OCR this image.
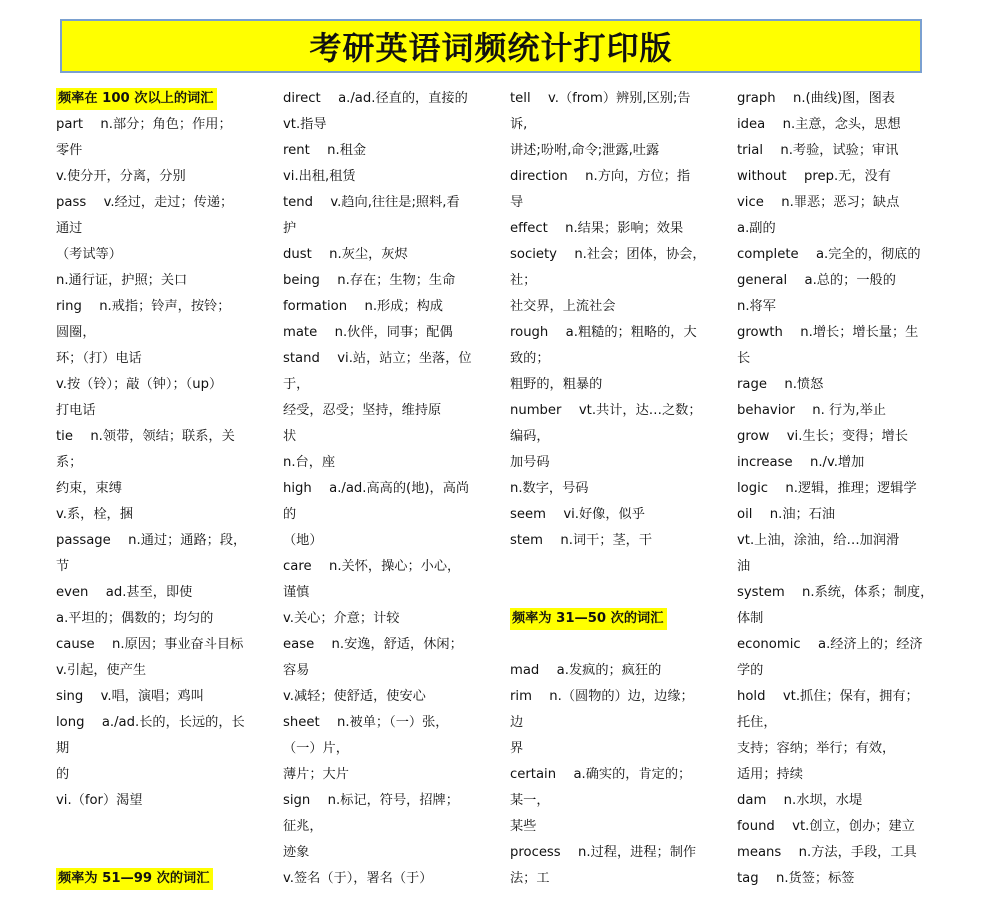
考研英语词频统计打印版
频率在 100 次以上的词汇
part　 n.部分；角色；作用；
零件
v.使分开，分离，分别
pass　 v.经过，走过；传递；
通过
（考试等）
n.通行证，护照；关口
ring　 n.戒指；铃声，按铃；
圆圈，
环；（打）电话
v.按（铃）；敲（钟）；（up）
打电话
tie　 n.领带，领结；联系，关
系；
约束，束缚
v.系，栓，捆
passage　 n.通过；通路；段，
节
even　 ad.甚至，即使
a.平坦的；偶数的；均匀的
cause　 n.原因；事业奋斗目标
v.引起，使产生
sing　 v.唱，演唱；鸡叫
long　 a./ad.长的，长远的，长
期
的
vi.（for）渴望
频率为 51—99 次的词汇
direct　 a./ad.径直的，直接的
vt.指导
rent　 n.租金
vi.出租,租赁
tend　 v.趋向,往往是;照料,看
护
dust　 n.灰尘，灰烬
being　 n.存在；生物；生命
formation　 n.形成；构成
mate　 n.伙伴，同事；配偶
stand　 vi.站，站立；坐落，位
于，
经受，忍受；坚持，维持原
状
n.台，座
high　 a./ad.高高的(地)，高尚
的
（地）
care　 n.关怀，操心；小心，
谨慎
v.关心；介意；计较
ease　 n.安逸，舒适，休闲；
容易
v.减轻；使舒适，使安心
sheet　 n.被单；（一）张，
（一）片，
薄片；大片
sign　 n.标记，符号，招牌；
征兆，
迹象
v.签名（于），署名（于）
tell　 v.（from）辨别,区别;告
诉,
讲述;吩咐,命令;泄露,吐露
direction　 n.方向，方位；指
导
effect　 n.结果；影响；效果
society　 n.社会；团体，协会，
社；
社交界，上流社会
rough　 a.粗糙的；粗略的，大
致的；
粗野的，粗暴的
number　 vt.共计，达…之数；
编码，
加号码
n.数字，号码
seem　 vi.好像，似乎
stem　 n.词干；茎，干
频率为 31—50 次的词汇
mad　 a.发疯的；疯狂的
rim　 n.（圆物的）边，边缘；
边
界
certain　 a.确实的，肯定的；
某一，
某些
process　 n.过程，进程；制作
法；工
graph　 n.(曲线)图，图表
idea　 n.主意，念头，思想
trial　 n.考验，试验；审讯
without　 prep.无，没有
vice　 n.罪恶；恶习；缺点
a.副的
complete　 a.完全的，彻底的
general　 a.总的；一般的
n.将军
growth　 n.增长；增长量；生
长
rage　 n.愤怒
behavior　 n. 行为,举止
grow　 vi.生长；变得；增长
increase　 n./v.增加
logic　 n.逻辑，推理；逻辑学
oil　 n.油；石油
vt.上油，涂油，给…加润滑
油
system　 n.系统，体系；制度，
体制
economic　 a.经济上的；经济
学的
hold　 vt.抓住；保有，拥有；
托住，
支持；容纳；举行；有效，
适用；持续
dam　 n.水坝，水堤
found　 vt.创立，创办；建立
means　 n.方法，手段，工具
tag　 n.货签；标签
